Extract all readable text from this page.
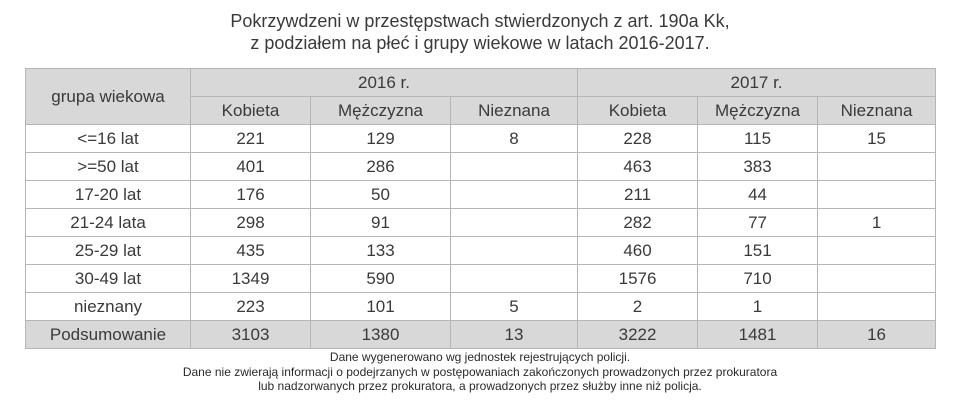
Pokrzywdzeni w przestępstwach stwierdzonych z art. 190a Kk,
z podziałem na płeć i grupy wiekowe w latach 2016-2017.
grupa wiekowa	2016 r.			2017 r.		
	Kobieta	Mężczyzna	Nieznana	Kobieta	Mężczyzna	Nieznana
<=16 lat	221	129	8	228	115	15
>=50 lat	401	286		463	383	
17-20 lat	176	50		211	44	
21-24 lata	298	91		282	77	1
25-29 lat	435	133		460	151	
30-49 lat	1349	590		1576	710	
nieznany	223	101	5	2	1	
Podsumowanie	3103	1380	13	3222	1481	16
Dane wygenerowano wg jednostek rejestrujących policji.
Dane nie zwierają informacji o podejrzanych w postępowaniach zakończonych prowadzonych przez prokuratora
lub nadzorwanych przez prokuratora, a prowadzonych przez służby inne niż policja.
